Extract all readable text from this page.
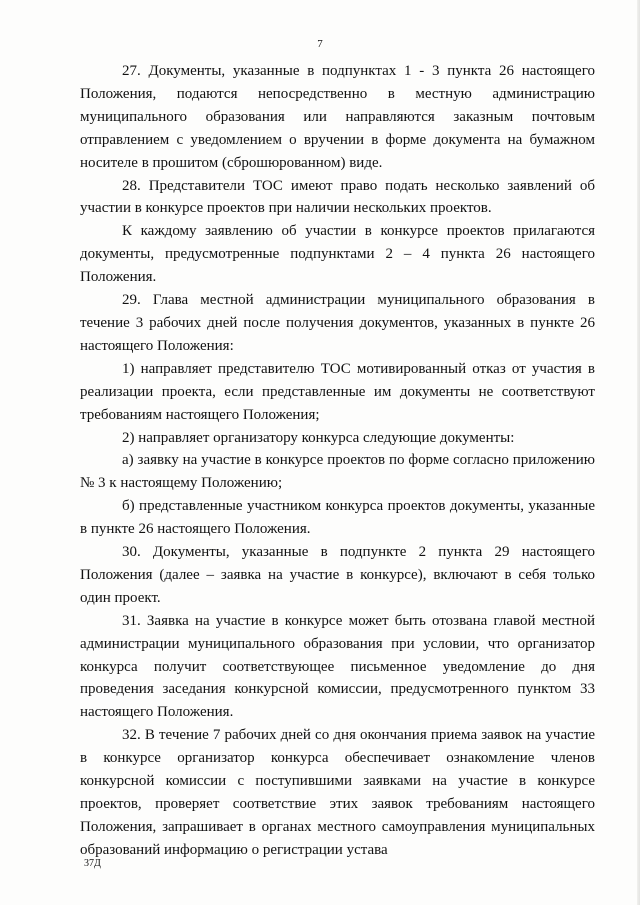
7

27. Документы, указанные в подпунктах 1 - 3 пункта 26 настоящего Положения, подаются непосредственно в местную администрацию муниципального образования или направляются заказным почтовым отправлением с уведомлением о вручении в форме документа на бумажном носителе в прошитом (сброшюрованном) виде.

28. Представители ТОС имеют право подать несколько заявлений об участии в конкурсе проектов при наличии нескольких проектов.

К каждому заявлению об участии в конкурсе проектов прилагаются документы, предусмотренные подпунктами 2 – 4 пункта 26 настоящего Положения.

29. Глава местной администрации муниципального образования в течение 3 рабочих дней после получения документов, указанных в пункте 26 настоящего Положения:

1) направляет представителю ТОС мотивированный отказ от участия в реализации проекта, если представленные им документы не соответствуют требованиям настоящего Положения;

2) направляет организатору конкурса следующие документы:

а) заявку на участие в конкурсе проектов по форме согласно приложению № 3 к настоящему Положению;

б) представленные участником конкурса проектов документы, указанные в пункте 26 настоящего Положения.

30. Документы, указанные в подпункте 2 пункта 29 настоящего Положения (далее – заявка на участие в конкурсе), включают в себя только один проект.

31. Заявка на участие в конкурсе может быть отозвана главой местной администрации муниципального образования при условии, что организатор конкурса получит соответствующее письменное уведомление до дня проведения заседания конкурсной комиссии, предусмотренного пунктом 33 настоящего Положения.

32. В течение 7 рабочих дней со дня окончания приема заявок на участие в конкурсе организатор конкурса обеспечивает ознакомление членов конкурсной комиссии с поступившими заявками на участие в конкурсе проектов, проверяет соответствие этих заявок требованиям настоящего Положения, запрашивает в органах местного самоуправления муниципальных образований информацию о регистрации устава

37Д
